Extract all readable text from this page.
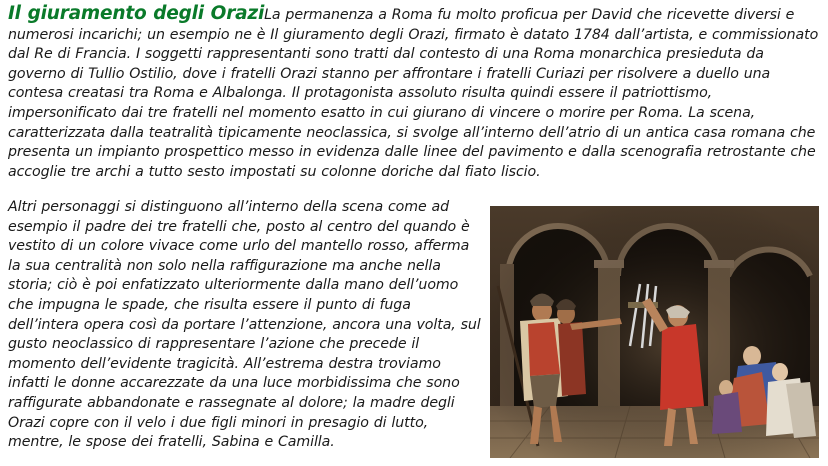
Il giuramento degli OraziLa permanenza a Roma fu molto proficua per David che ricevette diversi e numerosi incarichi; un esempio ne è Il giuramento degli Orazi, firmato è datato 1784 dall’artista, e commissionato dal Re di Francia. I soggetti rappresentanti sono tratti dal contesto di una Roma monarchica presieduta da governo di Tullio Ostilio, dove i fratelli Orazi stanno per affrontare i fratelli Curiazi per risolvere a duello una contesa creatasi tra Roma e Albalonga. Il protagonista assoluto risulta quindi essere il patriottismo, impersonificato dai tre fratelli nel momento esatto in cui giurano di vincere o morire per Roma. La scena, caratterizzata dalla teatralità tipicamente neoclassica, si svolge all’interno dell’atrio di un antica casa romana che presenta un impianto prospettico messo in evidenza dalle linee del pavimento e dalla scenografia retrostante che accoglie tre archi a tutto sesto impostati su colonne doriche dal fiato liscio.

Altri personaggi si distinguono all’interno della scena come ad esempio il padre dei tre fratelli che, posto al centro del quando è vestito di un colore vivace come urlo del mantello rosso, afferma la sua centralità non solo nella raffigurazione ma anche nella storia; ciò è poi enfatizzato ulteriormente dalla mano dell’uomo che impugna le spade, che risulta essere il punto di fuga dell’intera opera così da portare l’attenzione, ancora una volta, sul gusto neoclassico di rappresentare l’azione che precede il momento dell’evidente tragicità. All’estrema destra troviamo infatti le donne accarezzate da una luce morbidissima che sono raffigurate abbandonate e rassegnate al dolore; la madre degli Orazi copre con il velo i due figli minori in presagio di lutto, mentre, le spose dei fratelli, Sabina e Camilla.
